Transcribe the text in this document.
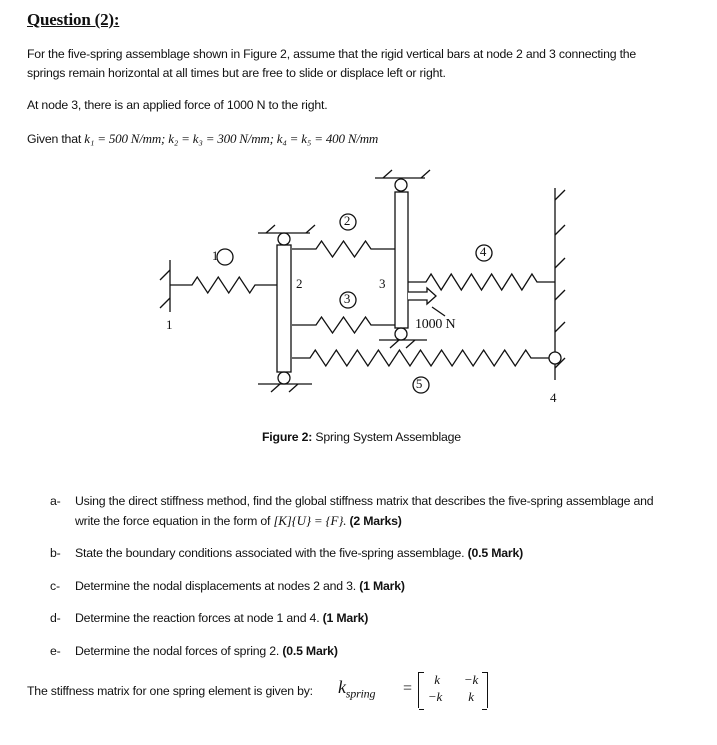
Question (2):
For the five-spring assemblage shown in Figure 2, assume that the rigid vertical bars at node 2 and 3 connecting the
springs remain horizontal at all times but are free to slide or displace left or right.
At node 3, there is an applied force of 1000 N to the right.
Given that k₁ = 500 N/mm; k₂ = k₃ = 300 N/mm; k₄ = k₅ = 400 N/mm
1
2
3
4
5
1
2	3
4
1000 N
Figure 2: Spring System Assemblage
a- Using the direct stiffness method, find the global stiffness matrix that describes the five-spring assemblage and
write the force equation in the form of [K]{U} = {F}. (2 Marks)
b- State the boundary conditions associated with the five-spring assemblage. (0.5 Mark)
c- Determine the nodal displacements at nodes 2 and 3. (1 Mark)
d- Determine the reaction forces at node 1 and 4. (1 Mark)
e- Determine the nodal forces of spring 2. (0.5 Mark)
The stiffness matrix for one spring element is given by: $k_{spring}$ =
k	−k
−k	k
